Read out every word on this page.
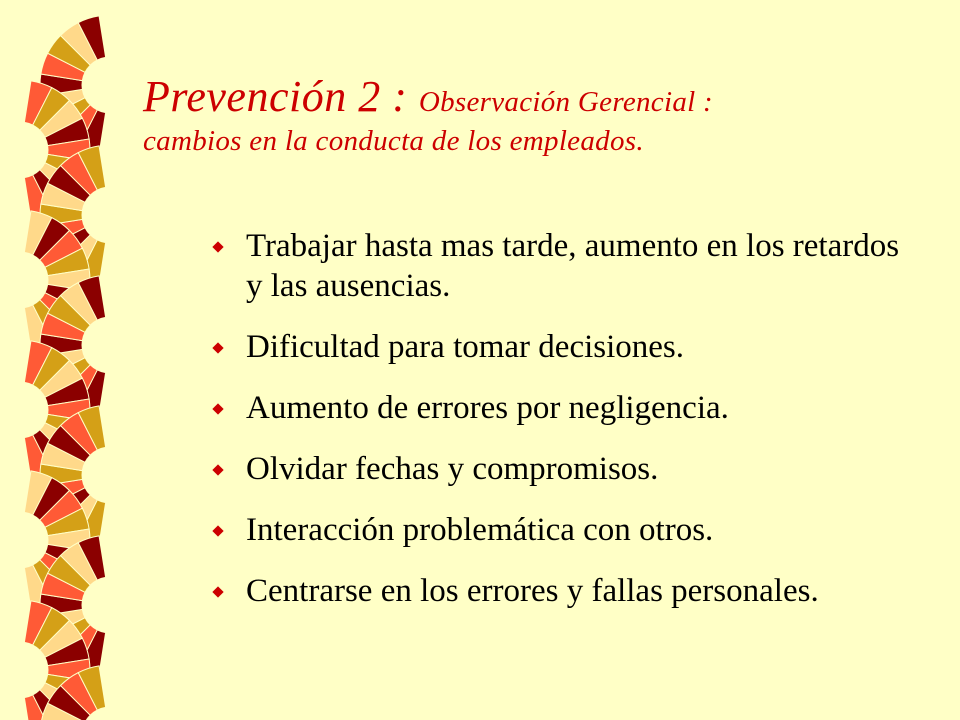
Prevención 2 : Observación Gerencial :
cambios en la conducta de los empleados.
Trabajar hasta mas tarde, aumento en los retardos y las ausencias.
Dificultad para tomar decisiones.
Aumento de errores por negligencia.
Olvidar fechas y compromisos.
Interacción problemática con otros.
Centrarse en los errores y fallas personales.
